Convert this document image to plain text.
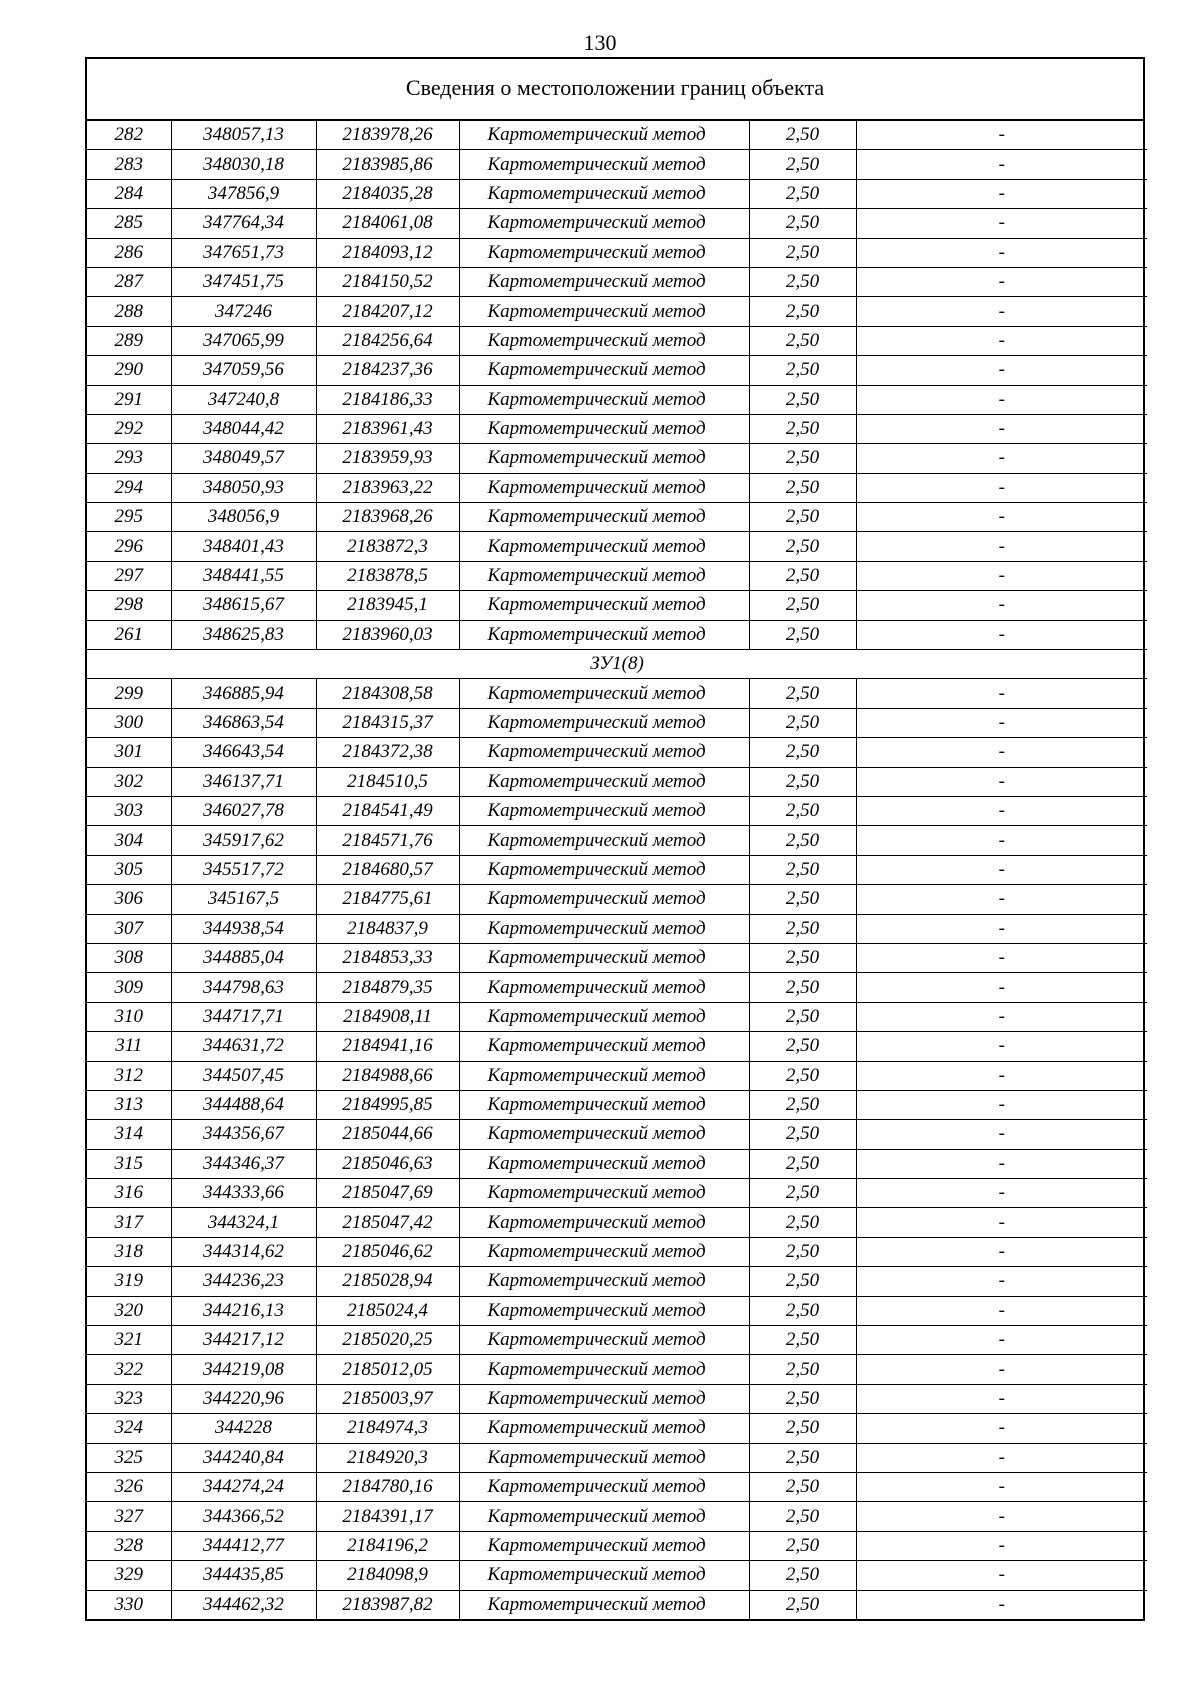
130
Сведения о местоположении границ объекта
282	348057,13	2183978,26	Картометрический метод	2,50	-
283	348030,18	2183985,86	Картометрический метод	2,50	-
284	347856,9	2184035,28	Картометрический метод	2,50	-
285	347764,34	2184061,08	Картометрический метод	2,50	-
286	347651,73	2184093,12	Картометрический метод	2,50	-
287	347451,75	2184150,52	Картометрический метод	2,50	-
288	347246	2184207,12	Картометрический метод	2,50	-
289	347065,99	2184256,64	Картометрический метод	2,50	-
290	347059,56	2184237,36	Картометрический метод	2,50	-
291	347240,8	2184186,33	Картометрический метод	2,50	-
292	348044,42	2183961,43	Картометрический метод	2,50	-
293	348049,57	2183959,93	Картометрический метод	2,50	-
294	348050,93	2183963,22	Картометрический метод	2,50	-
295	348056,9	2183968,26	Картометрический метод	2,50	-
296	348401,43	2183872,3	Картометрический метод	2,50	-
297	348441,55	2183878,5	Картометрический метод	2,50	-
298	348615,67	2183945,1	Картометрический метод	2,50	-
261	348625,83	2183960,03	Картометрический метод	2,50	-
ЗУ1(8)					
299	346885,94	2184308,58	Картометрический метод	2,50	-
300	346863,54	2184315,37	Картометрический метод	2,50	-
301	346643,54	2184372,38	Картометрический метод	2,50	-
302	346137,71	2184510,5	Картометрический метод	2,50	-
303	346027,78	2184541,49	Картометрический метод	2,50	-
304	345917,62	2184571,76	Картометрический метод	2,50	-
305	345517,72	2184680,57	Картометрический метод	2,50	-
306	345167,5	2184775,61	Картометрический метод	2,50	-
307	344938,54	2184837,9	Картометрический метод	2,50	-
308	344885,04	2184853,33	Картометрический метод	2,50	-
309	344798,63	2184879,35	Картометрический метод	2,50	-
310	344717,71	2184908,11	Картометрический метод	2,50	-
311	344631,72	2184941,16	Картометрический метод	2,50	-
312	344507,45	2184988,66	Картометрический метод	2,50	-
313	344488,64	2184995,85	Картометрический метод	2,50	-
314	344356,67	2185044,66	Картометрический метод	2,50	-
315	344346,37	2185046,63	Картометрический метод	2,50	-
316	344333,66	2185047,69	Картометрический метод	2,50	-
317	344324,1	2185047,42	Картометрический метод	2,50	-
318	344314,62	2185046,62	Картометрический метод	2,50	-
319	344236,23	2185028,94	Картометрический метод	2,50	-
320	344216,13	2185024,4	Картометрический метод	2,50	-
321	344217,12	2185020,25	Картометрический метод	2,50	-
322	344219,08	2185012,05	Картометрический метод	2,50	-
323	344220,96	2185003,97	Картометрический метод	2,50	-
324	344228	2184974,3	Картометрический метод	2,50	-
325	344240,84	2184920,3	Картометрический метод	2,50	-
326	344274,24	2184780,16	Картометрический метод	2,50	-
327	344366,52	2184391,17	Картометрический метод	2,50	-
328	344412,77	2184196,2	Картометрический метод	2,50	-
329	344435,85	2184098,9	Картометрический метод	2,50	-
330	344462,32	2183987,82	Картометрический метод	2,50	-
